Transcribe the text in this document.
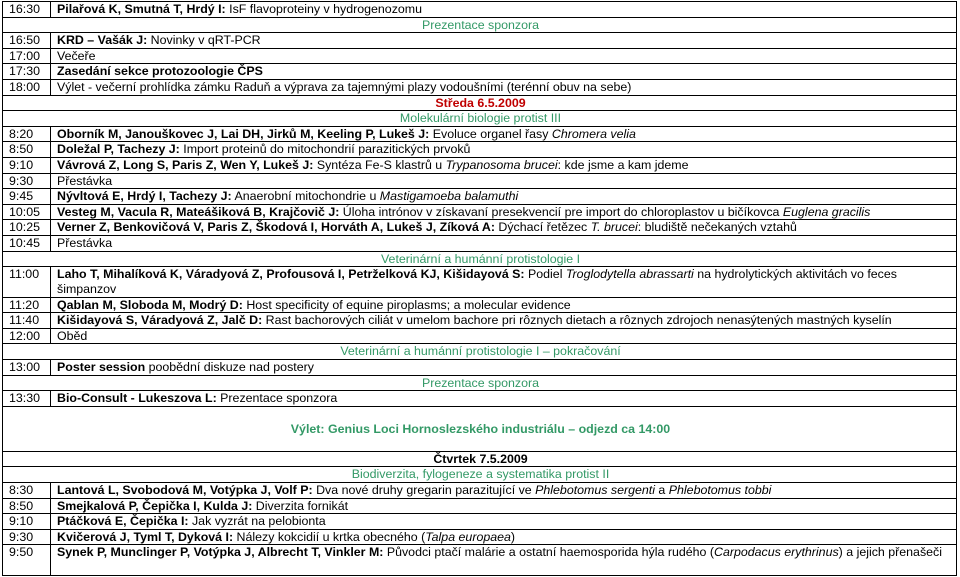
16:30	Pilařová K, Smutná T, Hrdý I: IsF flavoproteiny v hydrogenozomu
Prezentace sponzora	
16:50	KRD – Vašák J: Novinky v qRT-PCR
17:00	Večeře
17:30	Zasedání sekce protozoologie ČPS
18:00	Výlet - večerní prohlídka zámku Raduň a výprava za tajemnými plazy vodoušními (terénní obuv na sebe)
Středa 6.5.2009	
Molekulární biologie protist III	
8:20	Oborník M, Janouškovec J, Lai DH, Jirků M, Keeling P, Lukeš J: Evoluce organel řasy Chromera velia
8:50	Doležal P, Tachezy J: Import proteinů do mitochondrií parazitických prvoků
9:10	Vávrová Z, Long S, Paris Z, Wen Y, Lukeš J: Syntéza Fe-S klastrů u Trypanosoma brucei: kde jsme a kam jdeme
9:30	Přestávka
9:45	Nývltová E, Hrdý I, Tachezy J: Anaerobní mitochondrie u Mastigamoeba balamuthi
10:05	Vesteg M, Vacula R, Mateášiková B, Krajčovič J: Úloha intrónov v získavaní presekvencií pre import do chloroplastov u bičíkovca Euglena gracilis
10:25	Verner Z, Benkovičová V, Paris Z, Škodová I, Horváth A, Lukeš J, Zíková A: Dýchací řetězec T. brucei: bludiště nečekaných vztahů
10:45	Přestávka
Veterinární a humánní protistologie I	
11:00	Laho T, Mihalíková K, Váradyová Z, Profousová I, Petrželková KJ, Kišidayová S: Podiel Troglodytella abrassarti na hydrolytických aktivitách vo feces šimpanzov
11:20	Qablan M, Sloboda M, Modrý D: Host specificity of equine piroplasms; a molecular evidence
11:40	Kišidayová S, Váradyová Z, Jalč D: Rast bachorových ciliát v umelom bachore pri rôznych dietach a rôznych zdrojoch nenasýtených mastných kyselín
12:00	Oběd
Veterinární a humánní protistologie I – pokračování	
13:00	Poster session poobědní diskuze nad postery
Prezentace sponzora	
13:30	Bio-Consult - Lukeszova L: Prezentace sponzora
Výlet: Genius Loci Hornoslezského industriálu – odjezd ca 14:00	
Čtvrtek 7.5.2009	
Biodiverzita, fylogeneze a systematika protist II	
8:30	Lantová L, Svobodová M, Votýpka J, Volf P: Dva nové druhy gregarin parazitující ve Phlebotomus sergenti a Phlebotomus tobbi
8:50	Smejkalová P, Čepička I, Kulda J: Diverzita fornikát
9:10	Ptáčková E, Čepička I: Jak vyzrát na pelobionta
9:30	Kvičerová J, Tyml T, Dyková I: Nálezy kokcidií u krtka obecného (Talpa europaea)
9:50	Synek P, Munclinger P, Votýpka J, Albrecht T, Vinkler M: Původci ptačí malárie a ostatní haemosporida hýla rudého (Carpodacus erythrinus) a jejich přenašeči
